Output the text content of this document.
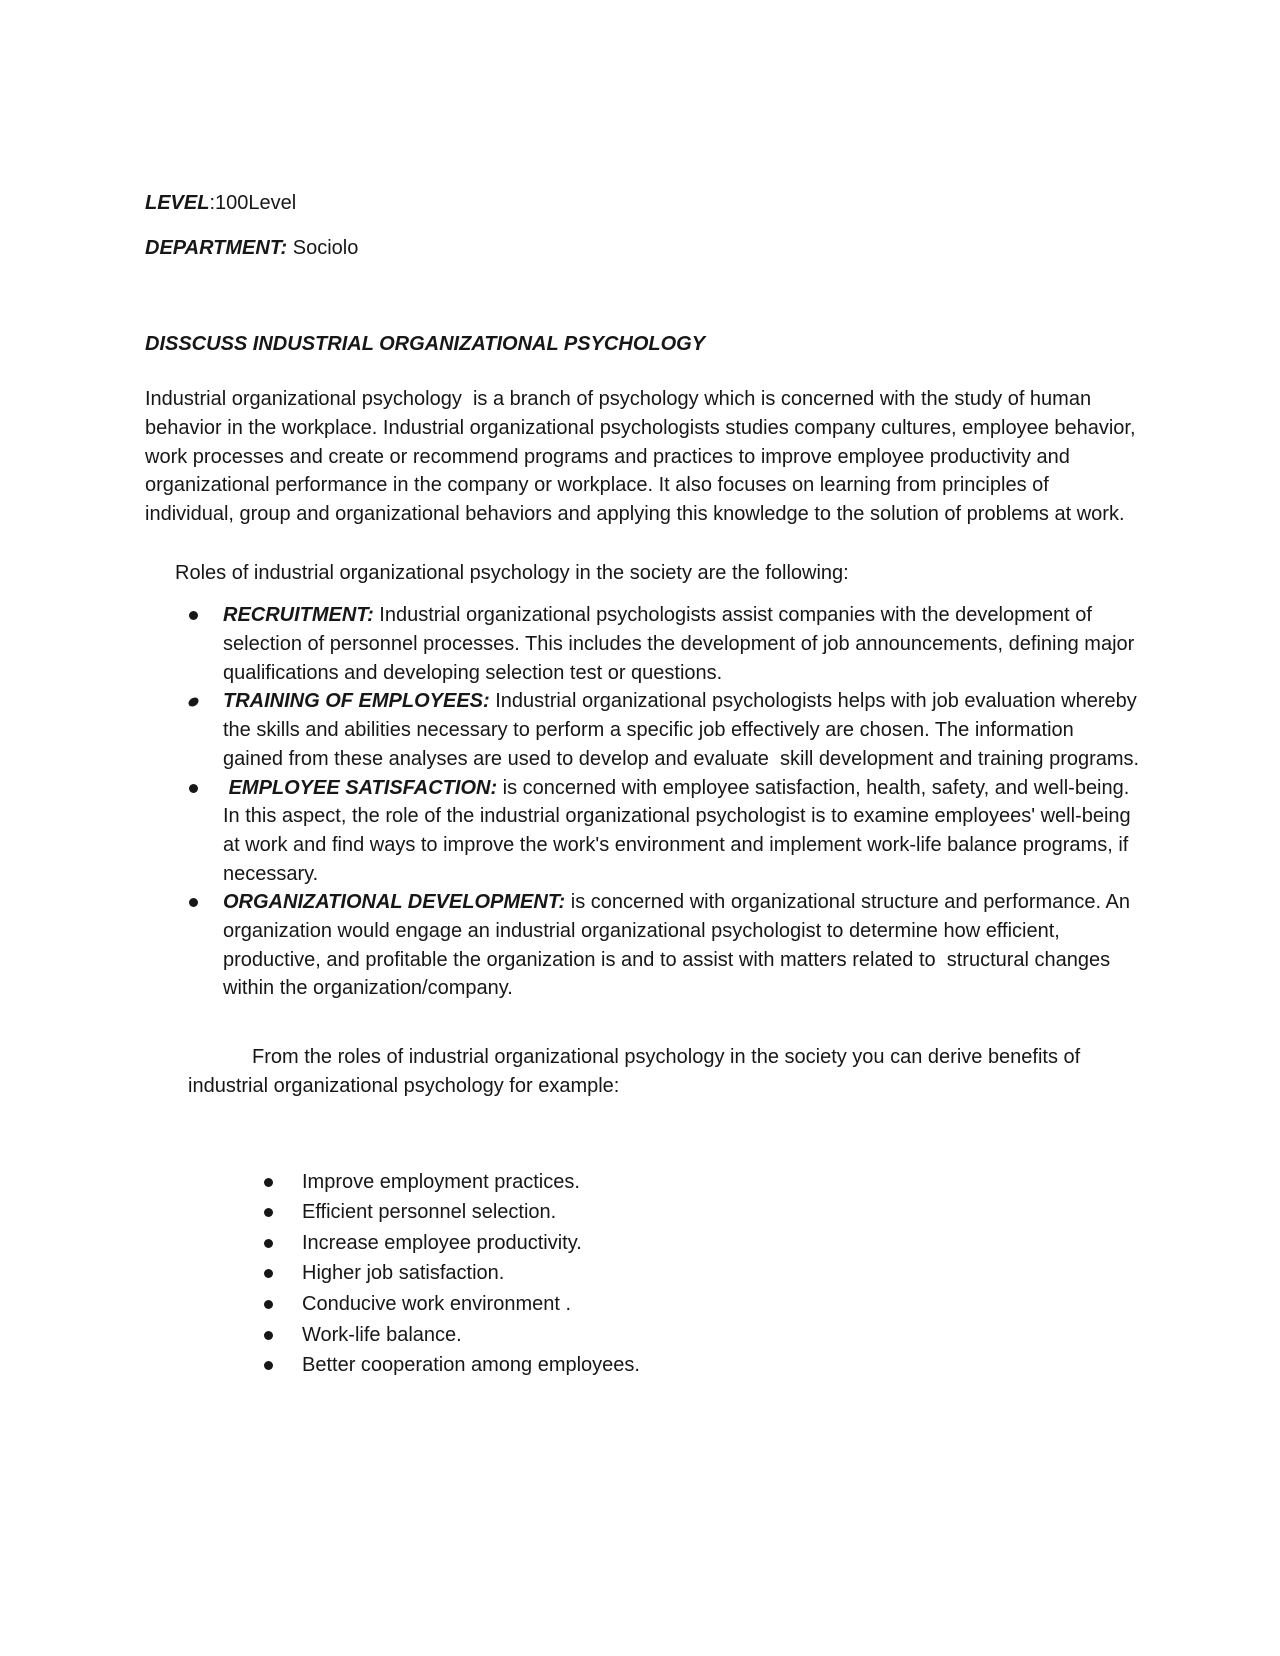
LEVEL:100Level

DEPARTMENT: Sociolo

DISSCUSS INDUSTRIAL ORGANIZATIONAL PSYCHOLOGY

Industrial organizational psychology  is a branch of psychology which is concerned with the study of human behavior in the workplace. Industrial organizational psychologists studies company cultures, employee behavior, work processes and create or recommend programs and practices to improve employee productivity and organizational performance in the company or workplace. It also focuses on learning from principles of individual, group and organizational behaviors and applying this knowledge to the solution of problems at work.

Roles of industrial organizational psychology in the society are the following:

RECRUITMENT: Industrial organizational psychologists assist companies with the development of  selection of personnel processes. This includes the development of job announcements, defining major qualifications and developing selection test or questions.
TRAINING OF EMPLOYEES: Industrial organizational psychologists helps with job evaluation whereby the skills and abilities necessary to perform a specific job effectively are chosen. The information  gained from these analyses are used to develop and evaluate  skill development and training programs.
EMPLOYEE SATISFACTION: is concerned with employee satisfaction, health, safety, and well-being. In this aspect, the role of the industrial organizational psychologist is to examine employees' well-being  at work and find ways to improve the work's environment and implement work-life balance programs, if necessary.
ORGANIZATIONAL DEVELOPMENT: is concerned with organizational structure and performance. An organization would engage an industrial organizational psychologist to determine how efficient, productive, and profitable the organization is and to assist with matters related to  structural changes within the organization/company.

From the roles of industrial organizational psychology in the society you can derive benefits of industrial organizational psychology for example:

Improve employment practices.
Efficient personnel selection.
Increase employee productivity.
Higher job satisfaction.
Conducive work environment .
Work-life balance.
Better cooperation among employees.
